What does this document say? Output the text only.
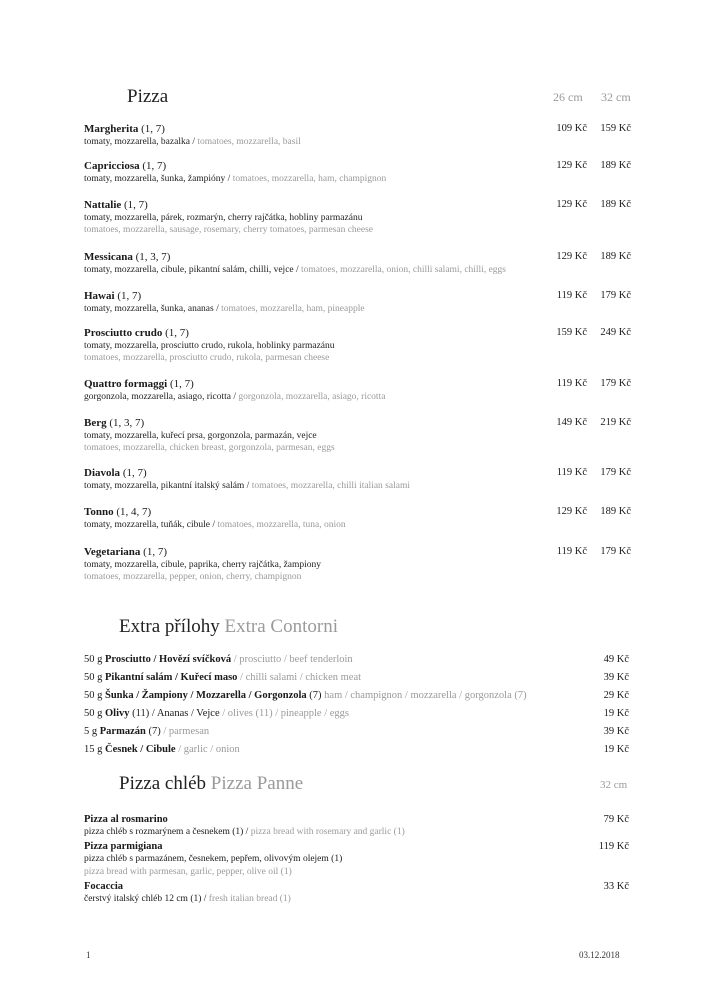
Pizza	26 cm 32 cm
Margherita (1, 7)
tomaty, mozzarella, bazalka / tomatoes, mozzarella, basil
109 Kč	159 Kč
Capricciosa (1, 7)
tomaty, mozzarella, šunka, žampióny / tomatoes, mozzarella, ham, champignon
129 Kč	189 Kč
Nattalie (1, 7)
tomaty, mozzarella, párek, rozmarýn, cherry rajčátka, hobliny parmazánu
tomatoes, mozzarella, sausage, rosemary, cherry tomatoes, parmesan cheese
129 Kč	189 Kč
Messicana (1, 3, 7)
tomaty, mozzarella, cibule, pikantní salám, chilli, vejce / tomatoes, mozzarella, onion, chilli salami, chilli, eggs
129 Kč	189 Kč
Hawai (1, 7)
tomaty, mozzarella, šunka, ananas / tomatoes, mozzarella, ham, pineapple
119 Kč	179 Kč
Prosciutto crudo (1, 7)
tomaty, mozzarella, prosciutto crudo, rukola, hoblinky parmazánu
tomatoes, mozzarella, prosciutto crudo, rukola, parmesan cheese
159 Kč	249 Kč
Quattro formaggi (1, 7)
gorgonzola, mozzarella, asiago, ricotta / gorgonzola, mozzarella, asiago, ricotta
119 Kč	179 Kč
Berg (1, 3, 7)
tomaty, mozzarella, kuřecí prsa, gorgonzola, parmazán, vejce
tomatoes, mozzarella, chicken breast, gorgonzola, parmesan, eggs
149 Kč	219 Kč
Diavola (1, 7)
tomaty, mozzarella, pikantní italský salám / tomatoes, mozzarella, chilli italian salami
119 Kč	179 Kč
Tonno (1, 4, 7)
tomaty, mozzarella, tuňák, cibule / tomatoes, mozzarella, tuna, onion
129 Kč	189 Kč
Vegetariana (1, 7)
tomaty, mozzarella, cibule, paprika, cherry rajčátka, žampiony
tomatoes, mozzarella, pepper, onion, cherry, champignon
119 Kč	179 Kč
Extra přílohy Extra Contorni
50 g Prosciutto / Hovězí svíčková / prosciutto / beef tenderloin	49 Kč
50 g Pikantní salám / Kuřecí maso / chilli salami / chicken meat	39 Kč
50 g Šunka / Žampiony / Mozzarella / Gorgonzola (7) ham / champignon / mozzarella / gorgonzola (7)	29 Kč
50 g Olivy (11) / Ananas / Vejce / olives (11) / pineapple / eggs	19 Kč
5 g Parmazán (7) / parmesan	39 Kč
15 g Česnek / Cibule / garlic / onion	19 Kč
Pizza chléb Pizza Panne	32 cm
Pizza al rosmarino
pizza chléb s rozmarýnem a česnekem (1) / pizza bread with rosemary and garlic (1)
79 Kč
Pizza parmigiana
pizza chléb s parmazánem, česnekem, pepřem, olivovým olejem (1)
pizza bread with parmesan, garlic, pepper, olive oil (1)
119 Kč
Focaccia
čerstvý italský chléb 12 cm (1) / fresh italian bread (1)
33 Kč
1	03.12.2018
